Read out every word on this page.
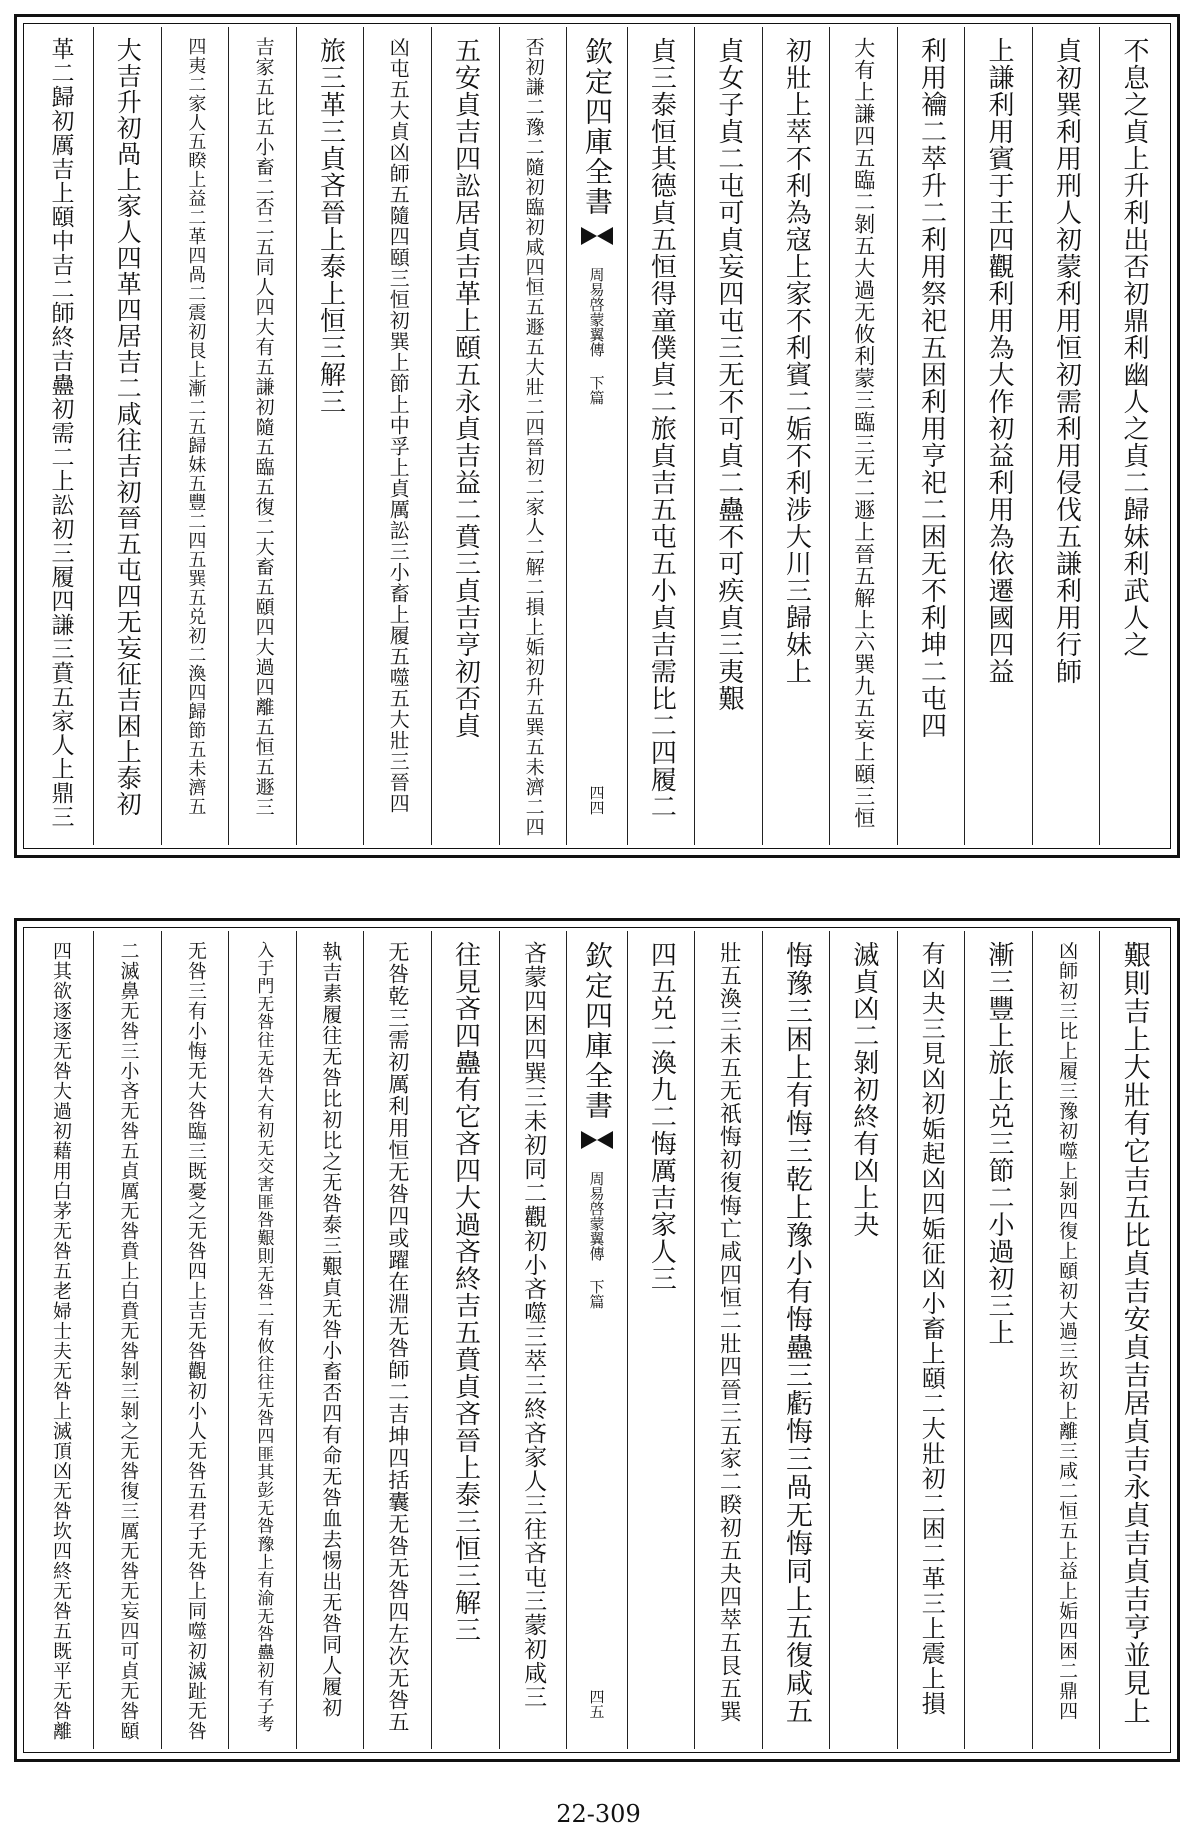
不息之貞上升利出否初鼎利幽人之貞二歸妹利武人之
貞初巽利用刑人初蒙利用恒初需利用侵伐五謙利用行師
上謙利用賓于王四觀利用為大作初益利用為依遷國四益
利用禴二萃升二利用祭祀五困利用亨祀二困无不利坤二屯四
大有上謙四五臨二剝五大過无攸利蒙三臨三无二遯上晉五解上六巽九五妄上頤三恒
初壯上萃不利為寇上家不利賓二姤不利涉大川三歸妹上
貞女子貞二屯可貞妄四屯三无不可貞二蠱不可疾貞三夷艱
貞三泰恒其德貞五恒得童僕貞二旅貞吉五屯五小貞吉需比二四履二
欽定四庫全書
周易啓蒙翼傳 下篇
四四
否初謙二豫二隨初臨初咸四恒五遯五大壯二四晉初二家人二解二損上姤初升五巽五未濟二四
五安貞吉四訟居貞吉革上頤五永貞吉益二賁三貞吉亨初否貞
凶屯五大貞凶師五隨四頤三恒初巽上節上中孚上貞厲訟三小畜上履五噬五大壯三晉四
旅三革三貞吝晉上泰上恒三解三
吉家五比五小畜二否二五同人四大有五謙初隨五臨五復二大畜五頤四大過四離五恒五遯三
四夷二家人五睽上益二革四咼二震初艮上漸二五歸妹五豐二四五巽五兑初二渙四歸節五未濟五
大吉升初咼上家人四革四居吉二咸往吉初晉五屯四无妄征吉困上泰初
革二歸初厲吉上頤中吉二師終吉蠱初需二上訟初三履四謙三賁五家人上鼎三
艱則吉上大壯有它吉五比貞吉安貞吉居貞吉永貞吉貞吉亨並見上
凶師初三比上履三豫初噬上剝四復上頤初大過三坎初上離三咸二恒五上益上姤四困二鼎四
漸三豐上旅上兑三節二小過初三上
有凶夬三見凶初姤起凶四姤征凶小畜上頤二大壯初二困二革三上震上損
滅貞凶二剝初終有凶上夬
悔豫三困上有悔三乾上豫小有悔蠱三虧悔三咼无悔同上五復咸五
壯五渙三未五无祇悔初復悔亡咸四恒二壯四晉三五家二睽初五夬四萃五艮五巽
四五兑二渙九二悔厲吉家人三
欽定四庫全書
周易啓蒙翼傳 下篇
四五
吝蒙四困四巽三未初同二觀初小吝噬三萃三終吝家人三往吝屯三蒙初咸三
往見吝四蠱有它吝四大過吝終吉五賁貞吝晉上泰三恒三解三
无咎乾三需初厲利用恒无咎四或躍在淵无咎師二吉坤四括囊无咎无咎四左次无咎五
執吉素履往无咎比初比之无咎泰三艱貞无咎小畜否四有命无咎血去惕出无咎同人履初
入于門无咎往无咎大有初无交害匪咎艱則无咎二有攸往往无咎四匪其彭无咎豫上有渝无咎蠱初有子考
无咎三有小悔无大咎臨三既憂之无咎四上吉无咎觀初小人无咎五君子无咎上同噬初滅趾无咎
二滅鼻无咎三小吝无咎五貞厲无咎賁上白賁无咎剝三剝之无咎復三厲无咎无妄四可貞无咎頤
四其欲逐逐无咎大過初藉用白茅无咎五老婦士夫无咎上滅頂凶无咎坎四終无咎五既平无咎離
22-309
